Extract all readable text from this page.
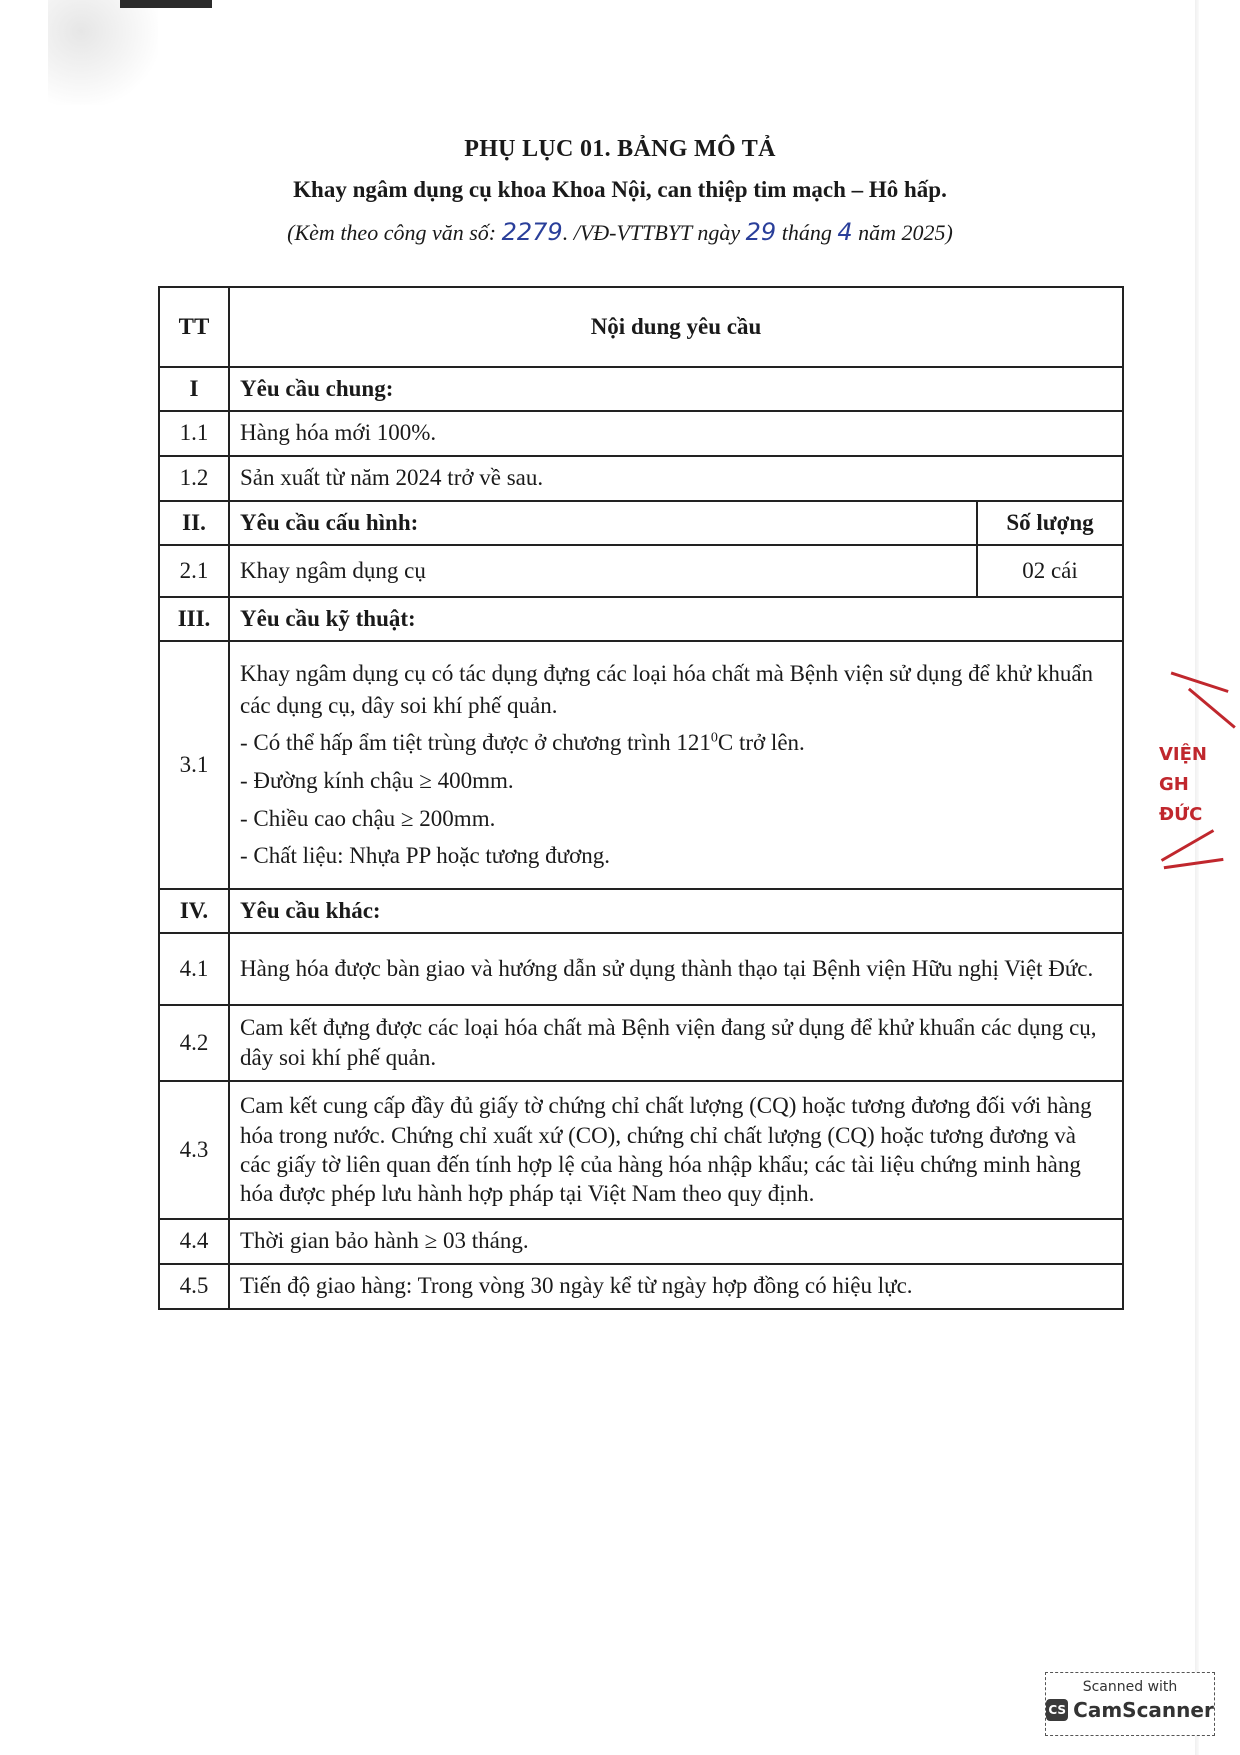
PHỤ LỤC 01. BẢNG MÔ TẢ
Khay ngâm dụng cụ khoa Khoa Nội, can thiệp tim mạch – Hô hấp.
(Kèm theo công văn số: 2279. /VĐ-VTTBYT ngày 29 tháng 4 năm 2025)
TT	Nội dung yêu cầu	
I	Yêu cầu chung:	
1.1	Hàng hóa mới 100%.	
1.2	Sản xuất từ năm 2024 trở về sau.	
II.	Yêu cầu cấu hình:	Số lượng
2.1	Khay ngâm dụng cụ	02 cái
III.	Yêu cầu kỹ thuật:	
3.1	Khay ngâm dụng cụ có tác dụng đựng các loại hóa chất mà Bệnh viện sử dụng để khử khuẩn các dụng cụ, dây soi khí phế quản.
- Có thể hấp ẩm tiệt trùng được ở chương trình $121^0C$ trở lên.
- Đường kính chậu ≥ 400mm.
- Chiều cao chậu ≥ 200mm.
- Chất liệu: Nhựa PP hoặc tương đương.	

IV.	Yêu cầu khác:	
4.1	Hàng hóa được bàn giao và hướng dẫn sử dụng thành thạo tại Bệnh viện Hữu nghị Việt Đức.	
4.2	Cam kết đựng được các loại hóa chất mà Bệnh viện đang sử dụng để khử khuẩn các dụng cụ, dây soi khí phế quản.	
4.3	Cam kết cung cấp đầy đủ giấy tờ chứng chỉ chất lượng (CQ) hoặc tương đương đối với hàng hóa trong nước. Chứng chỉ xuất xứ (CO), chứng chỉ chất lượng (CQ) hoặc tương đương và các giấy tờ liên quan đến tính hợp lệ của hàng hóa nhập khẩu; các tài liệu chứng minh hàng hóa được phép lưu hành hợp pháp tại Việt Nam theo quy định.	
4.4	Thời gian bảo hành ≥ 03 tháng.	
4.5	Tiến độ giao hàng: Trong vòng 30 ngày kể từ ngày hợp đồng có hiệu lực.	
VIỆN
GH
ĐỨC
Scanned with
CS CamScanner
